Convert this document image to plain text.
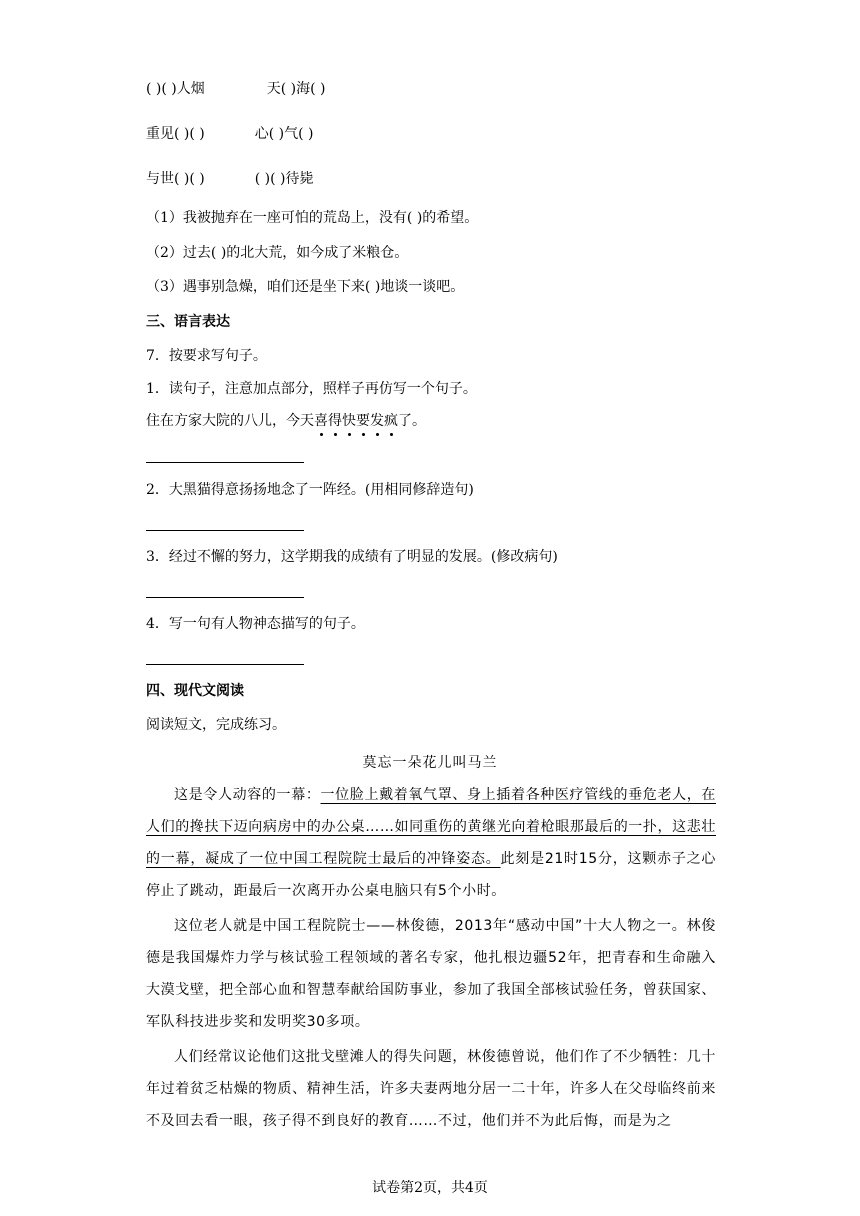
( )( )人烟	天( )海( )
重见( )( )	心( )气( )
与世( )( )	( )( )待毙
（1）我被抛弃在一座可怕的荒岛上，没有( )的希望。
（2）过去( )的北大荒，如今成了米粮仓。
（3）遇事别急燥，咱们还是坐下来( )地谈一谈吧。
三、语言表达
7．按要求写句子。
1．读句子，注意加点部分，照样子再仿写一个句子。
住在方家大院的八儿，今天喜得快要发疯了。
2．大黑猫得意扬扬地念了一阵经。(用相同修辞造句)
3．经过不懈的努力，这学期我的成绩有了明显的发展。(修改病句)
4．写一句有人物神态描写的句子。
四、现代文阅读
阅读短文，完成练习。
莫忘一朵花儿叫马兰
这是令人动容的一幕：一位脸上戴着氧气罩、身上插着各种医疗管线的垂危老人，在人们的搀扶下迈向病房中的办公桌……如同重伤的黄继光向着枪眼那最后的一扑，这悲壮的一幕，凝成了一位中国工程院院士最后的冲锋姿态。此刻是21时15分，这颗赤子之心停止了跳动，距最后一次离开办公桌电脑只有5个小时。
这位老人就是中国工程院院士——林俊德，2013年“感动中国”十大人物之一。林俊德是我国爆炸力学与核试验工程领域的著名专家，他扎根边疆52年，把青春和生命融入大漠戈壁，把全部心血和智慧奉献给国防事业，参加了我国全部核试验任务，曾获国家、军队科技进步奖和发明奖30多项。
人们经常议论他们这批戈壁滩人的得失问题，林俊德曾说，他们作了不少牺牲：几十年过着贫乏枯燥的物质、精神生活，许多夫妻两地分居一二十年，许多人在父母临终前来不及回去看一眼，孩子得不到良好的教育……不过，他们并不为此后悔，而是为之
试卷第2页，共4页
